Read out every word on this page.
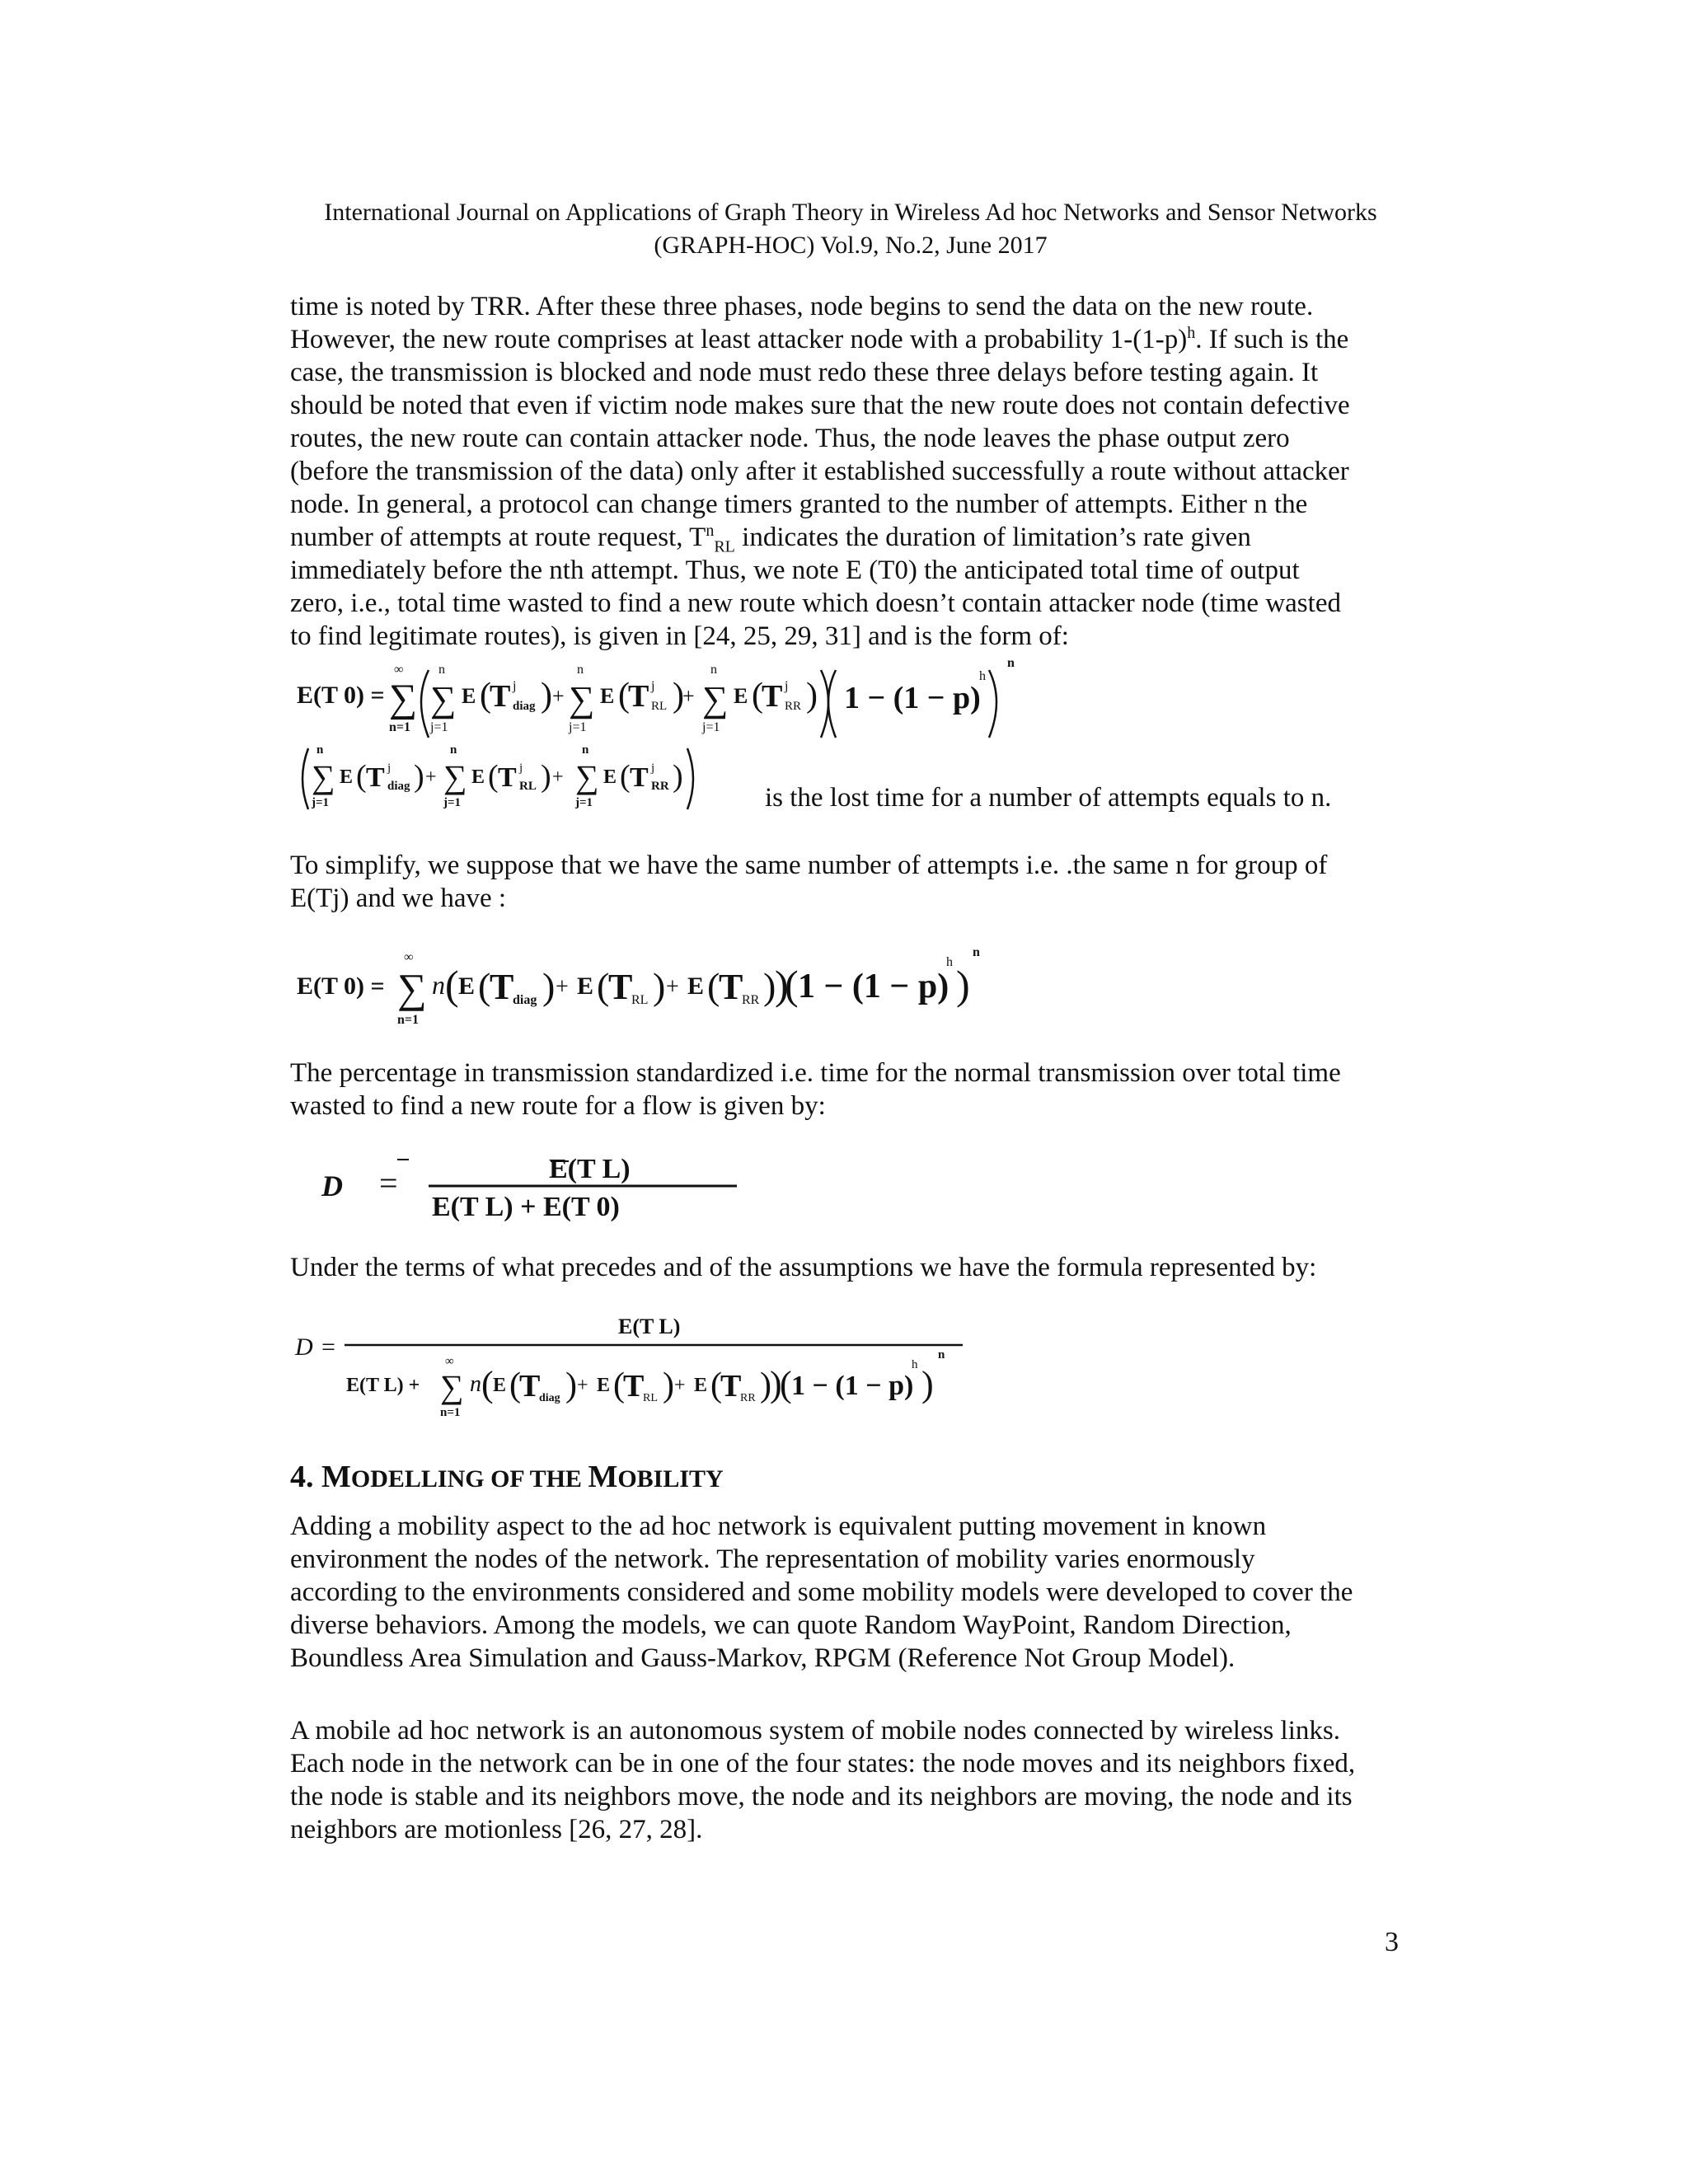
International Journal on Applications of Graph Theory in Wireless Ad hoc Networks and Sensor Networks
(GRAPH-HOC) Vol.9, No.2, June 2017

time is noted by TRR. After these three phases, node begins to send the data on the new route.

However, the new route comprises at least attacker node with a probability $1-(1-p)^h$. If such is the

case, the transmission is blocked and node must redo these three delays before testing again. It

should be noted that even if victim node makes sure that the new route does not contain defective

routes, the new route can contain attacker node. Thus, the node leaves the phase output zero

(before the transmission of the data) only after it established successfully a route without attacker

node. In general, a protocol can change timers granted to the number of attempts. Either n the

number of attempts at route request, $T^n_{RL}$ indicates the duration of limitation’s rate given

immediately before the nth attempt. Thus, we note E (T0) the anticipated total time of output

zero, i.e., total time wasted to find a new route which doesn’t contain attacker node (time wasted

to find legitimate routes), is given in [24, 25, 29, 31] and is the form of:

E(T 0) =
∞
∑
n=1
n
∑
j=1
E (
T j
diag ) +
n
∑
j=1
E (
T j
RL )
+
n
∑
j=1
E (
T j
RR ) 1 − (1 − p)
h
n
n
∑
j=1
E ( T j
diag ) +
n
∑
j=1
E ( T j
RL ) +
n
∑
j=1
E ( T j
RR )
is the lost time for a number of attempts equals to n.

To simplify, we suppose that we have the same number of attempts i.e. .the same n for group of

E(Tj) and we have :

E(T 0) =
∞
∑
n=1
n ( E (
T
diag ) + E (
T
RL ) + E (
T
RR )
)
( 1 − (1 − p)
h )
n

The percentage in transmission standardized i.e. time for the normal transmission over total time

wasted to find a new route for a flow is given by:

D =	E(T L)
E(T L) + E(T 0)

Under the terms of what precedes and of the assumptions we have the formula represented by:

D =
E(T L)
E(T L) +
∞
∑
n=1
n ( E (
T
diag ) + E (
T
RL ) + E (
T
RR )
)
( 1 − (1 − p)
h )
n
4. MODELLING OF THE MOBILITY

Adding a mobility aspect to the ad hoc network is equivalent putting movement in known

environment the nodes of the network. The representation of mobility varies enormously

according to the environments considered and some mobility models were developed to cover the

diverse behaviors. Among the models, we can quote Random WayPoint, Random Direction,

Boundless Area Simulation and Gauss-Markov, RPGM (Reference Not Group Model).

A mobile ad hoc network is an autonomous system of mobile nodes connected by wireless links.

Each node in the network can be in one of the four states: the node moves and its neighbors fixed,

the node is stable and its neighbors move, the node and its neighbors are moving, the node and its

neighbors are motionless [26, 27, 28].

3
